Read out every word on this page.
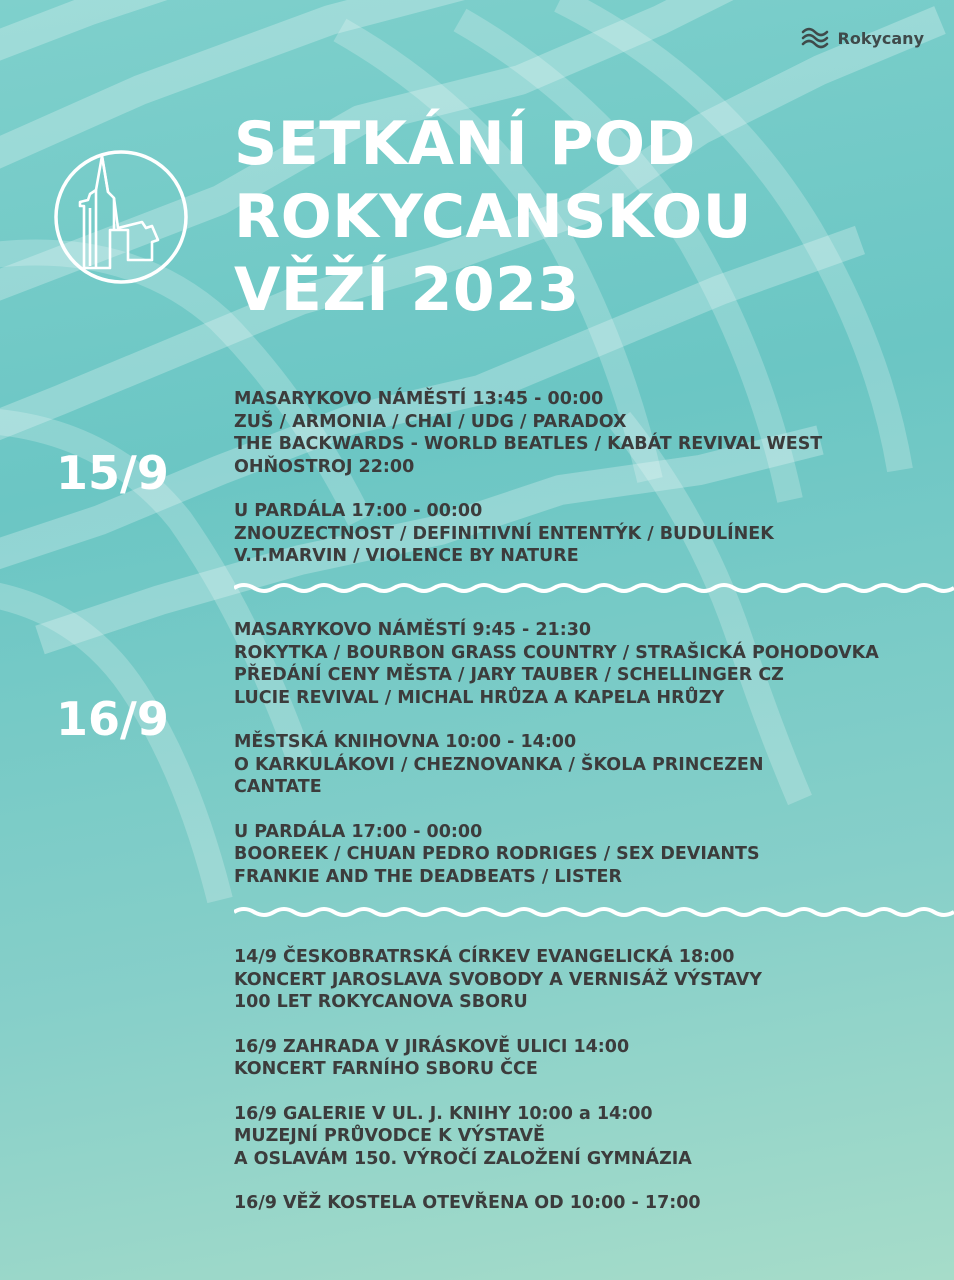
Rokycany
SETKÁNÍ POD
ROKYCANSKOU
VĚŽÍ 2023
15/9
MASARYKOVO NÁMĚSTÍ 13:45 - 00:00
ZUŠ / ARMONIA / CHAI / UDG / PARADOX
THE BACKWARDS - WORLD BEATLES / KABÁT REVIVAL WEST
OHŇOSTROJ 22:00
U PARDÁLA 17:00 - 00:00
ZNOUZECTNOST / DEFINITIVNÍ ENTENTÝK / BUDULÍNEK
V.T.MARVIN / VIOLENCE BY NATURE
16/9
MASARYKOVO NÁMĚSTÍ 9:45 - 21:30
ROKYTKA / BOURBON GRASS COUNTRY / STRAŠICKÁ POHODOVKA
PŘEDÁNÍ CENY MĚSTA / JARY TAUBER / SCHELLINGER CZ
LUCIE REVIVAL / MICHAL HRŮZA A KAPELA HRŮZY
MĚSTSKÁ KNIHOVNA 10:00 - 14:00
O KARKULÁKOVI / CHEZNOVANKA / ŠKOLA PRINCEZEN
CANTATE
U PARDÁLA 17:00 - 00:00
BOOREEK / CHUAN PEDRO RODRIGES / SEX DEVIANTS
FRANKIE AND THE DEADBEATS / LISTER
14/9 ČESKOBRATRSKÁ CÍRKEV EVANGELICKÁ 18:00
KONCERT JAROSLAVA SVOBODY A VERNISÁŽ VÝSTAVY
100 LET ROKYCANOVA SBORU
16/9 ZAHRADA V JIRÁSKOVĚ ULICI 14:00
KONCERT FARNÍHO SBORU ČCE
16/9 GALERIE V UL. J. KNIHY 10:00 a 14:00
MUZEJNÍ PRŮVODCE K VÝSTAVĚ
A OSLAVÁM 150. VÝROČÍ ZALOŽENÍ GYMNÁZIA
16/9 VĚŽ KOSTELA OTEVŘENA OD 10:00 - 17:00
